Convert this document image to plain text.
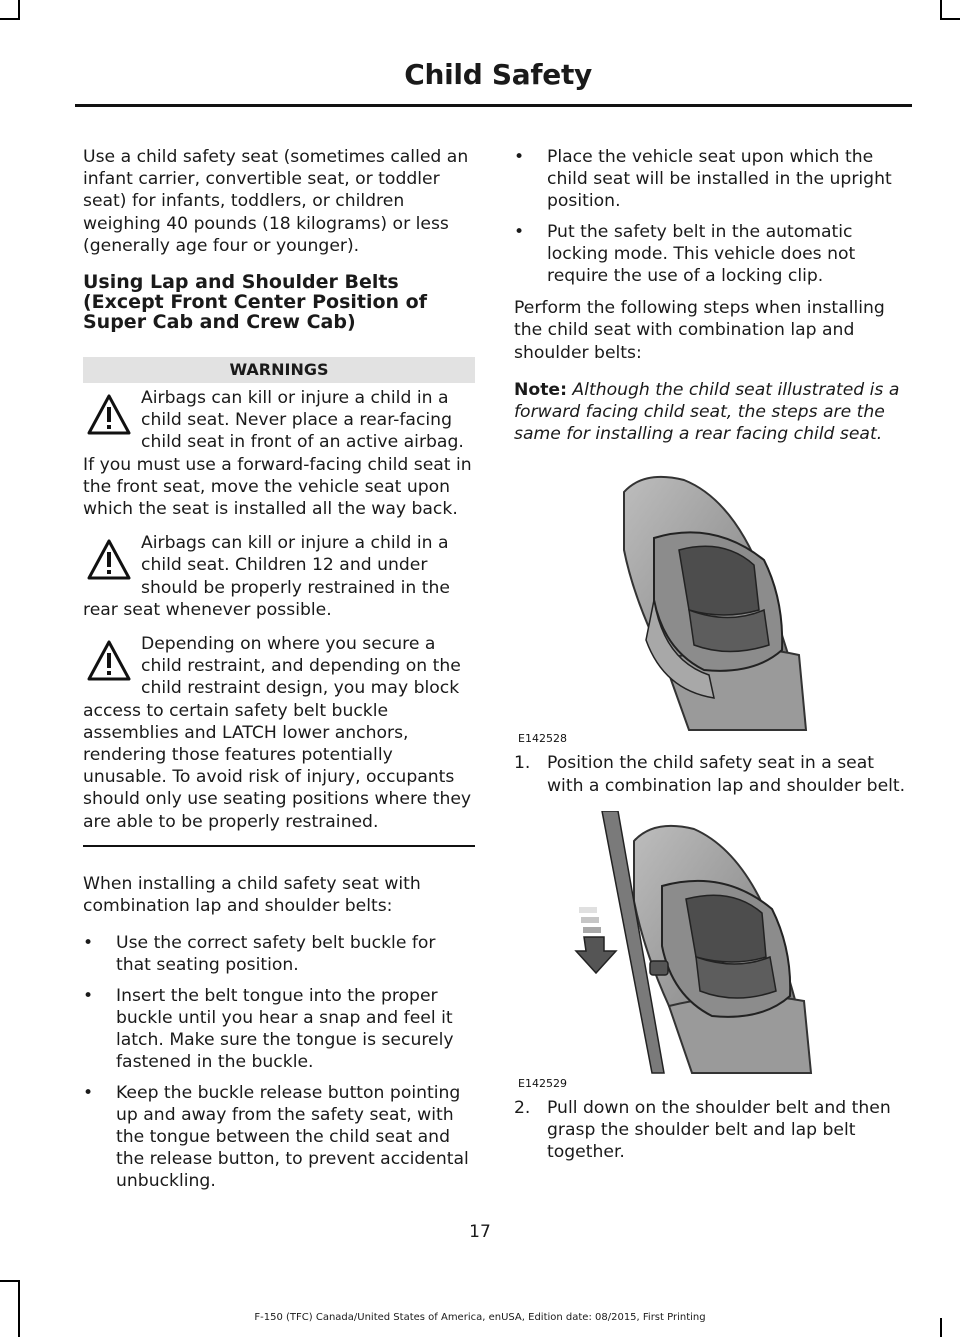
Child Safety

Use a child safety seat (sometimes called an infant carrier, convertible seat, or toddler seat) for infants, toddlers, or children weighing 40 pounds (18 kilograms) or less (generally age four or younger).

Using Lap and Shoulder Belts (Except Front Center Position of Super Cab and Crew Cab)
WARNINGS
Airbags can kill or injure a child in a child seat. Never place a rear-facing child seat in front of an active airbag. If you must use a forward-facing child seat in the front seat, move the vehicle seat upon which the seat is installed all the way back.
Airbags can kill or injure a child in a child seat. Children 12 and under should be properly restrained in the rear seat whenever possible.
Depending on where you secure a child restraint, and depending on the child restraint design, you may block access to certain safety belt buckle assemblies and LATCH lower anchors, rendering those features potentially unusable. To avoid risk of injury, occupants should only use seating positions where they are able to be properly restrained.

When installing a child safety seat with combination lap and shoulder belts:

• Use the correct safety belt buckle for that seating position.
• Insert the belt tongue into the proper buckle until you hear a snap and feel it latch. Make sure the tongue is securely fastened in the buckle.
• Keep the buckle release button pointing up and away from the safety seat, with the tongue between the child seat and the release button, to prevent accidental unbuckling.
• Place the vehicle seat upon which the child seat will be installed in the upright position.
• Put the safety belt in the automatic locking mode. This vehicle does not require the use of a locking clip.

Perform the following steps when installing the child seat with combination lap and shoulder belts:

Note: Although the child seat illustrated is a forward facing child seat, the steps are the same for installing a rear facing child seat.

E142528
1. Position the child safety seat in a seat with a combination lap and shoulder belt.
E142529
2. Pull down on the shoulder belt and then grasp the shoulder belt and lap belt together.
17
F-150 (TFC) Canada/United States of America, enUSA, Edition date: 08/2015, First Printing
